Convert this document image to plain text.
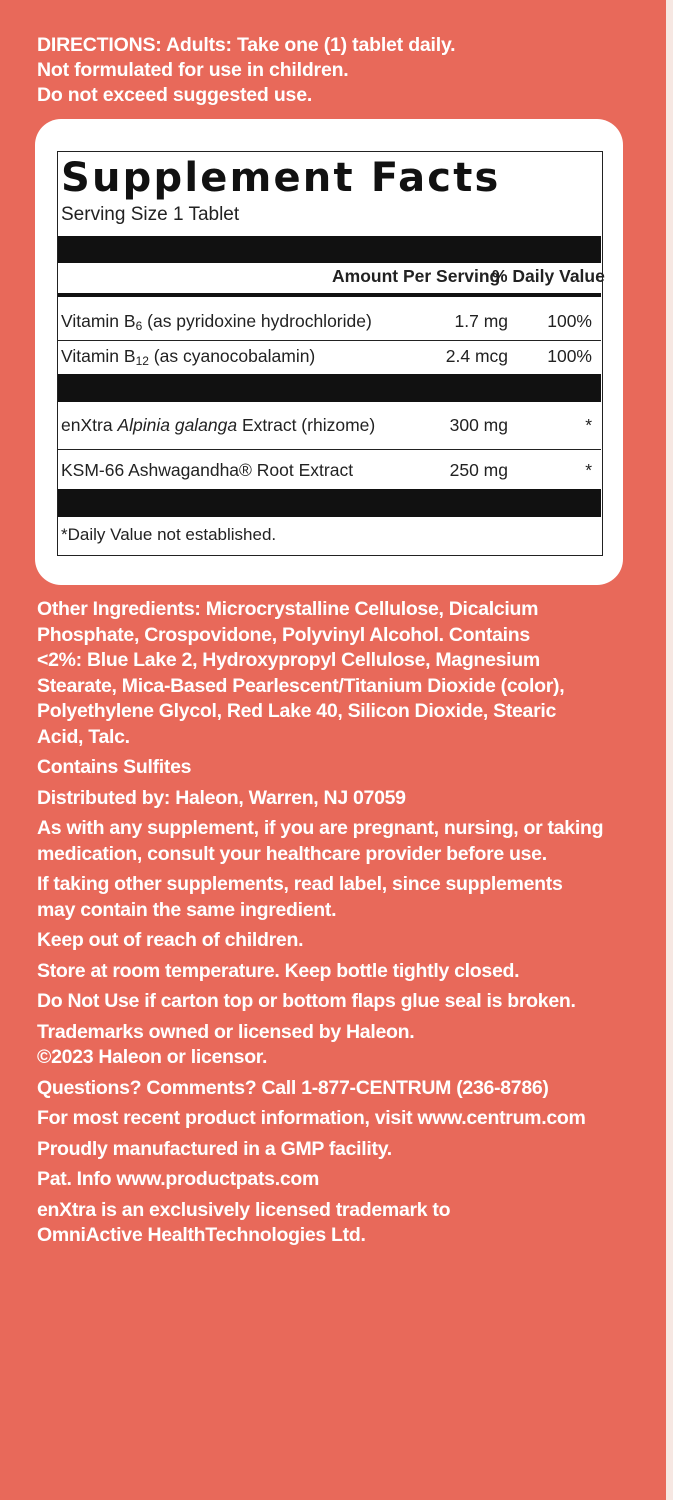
DIRECTIONS: Adults: Take one (1) tablet daily.
Not formulated for use in children.
Do not exceed suggested use.
Supplement Facts
Serving Size 1 Tablet
Amount Per Serving
% Daily Value
Vitamin $B_6$ (as pyridoxine hydrochloride)	1.7 mg	100%
Vitamin $B_{12}$ (as cyanocobalamin)	2.4 mcg	100%
enXtra Alpinia galanga Extract (rhizome)	300 mg	*
KSM-66 Ashwagandha® Root Extract	250 mg	*
*Daily Value not established.

Other Ingredients: Microcrystalline Cellulose, Dicalcium

Phosphate, Crospovidone, Polyvinyl Alcohol. Contains

<2%: Blue Lake 2, Hydroxypropyl Cellulose, Magnesium

Stearate, Mica-Based Pearlescent/Titanium Dioxide (color),

Polyethylene Glycol, Red Lake 40, Silicon Dioxide, Stearic

Acid, Talc.

Contains Sulfites

Distributed by: Haleon, Warren, NJ 07059

As with any supplement, if you are pregnant, nursing, or taking

medication, consult your healthcare provider before use.

If taking other supplements, read label, since supplements

may contain the same ingredient.

Keep out of reach of children.

Store at room temperature. Keep bottle tightly closed.

Do Not Use if carton top or bottom flaps glue seal is broken.

Trademarks owned or licensed by Haleon.

©2023 Haleon or licensor.

Questions? Comments? Call 1-877-CENTRUM (236-8786)

For most recent product information, visit www.centrum.com

Proudly manufactured in a GMP facility.

Pat. Info www.productpats.com

enXtra is an exclusively licensed trademark to

OmniActive HealthTechnologies Ltd.
